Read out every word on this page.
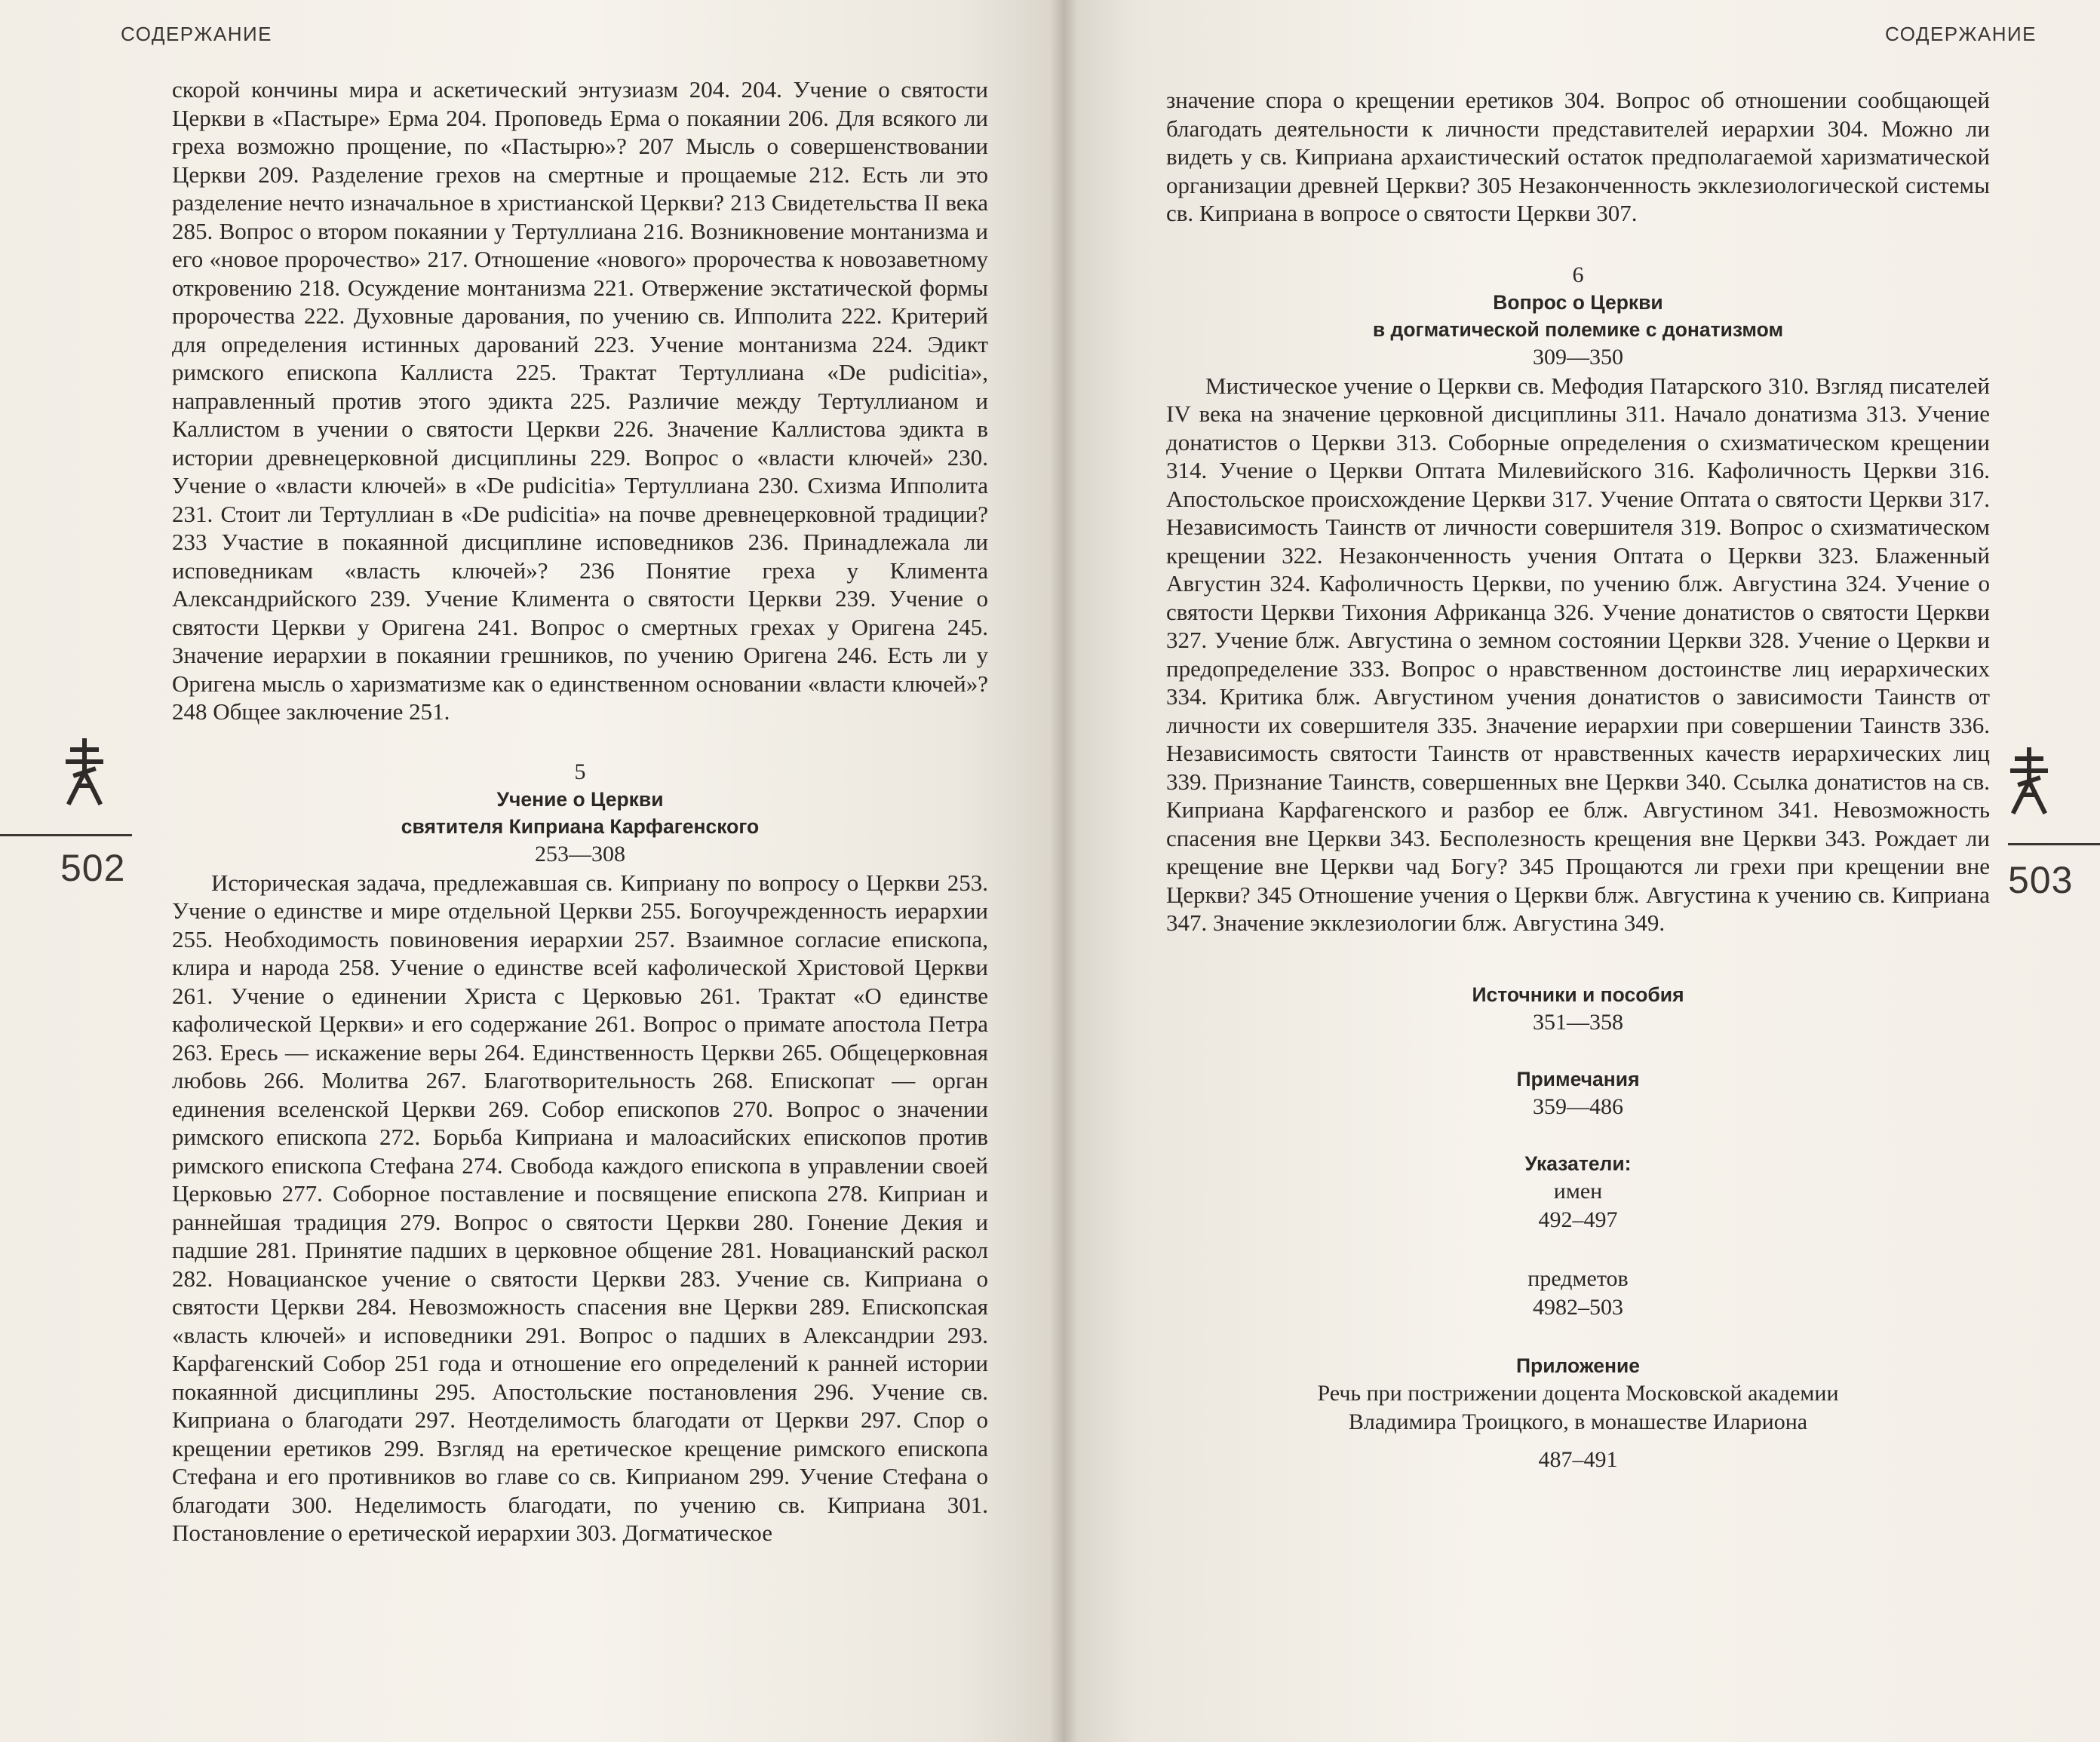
СОДЕРЖАНИЕ

скорой кончины мира и аскетический энтузиазм 204. 204. Учение о святости Церкви в «Пастыре» Ерма 204. Проповедь Ерма о покаянии 206. Для всякого ли греха возможно прощение, по «Пастырю»? 207 Мысль о совершенствовании Церкви 209. Разделение грехов на смертные и прощаемые 212. Есть ли это разделение нечто изначальное в христианской Церкви? 213 Свидетельства II века 285. Вопрос о втором покаянии у Тертуллиана 216. Возникновение монтанизма и его «новое пророчество» 217. Отношение «нового» пророчества к новозаветному откровению 218. Осуждение монтанизма 221. Отвержение экстатической формы пророчества 222. Духовные дарования, по учению св. Ипполита 222. Критерий для определения истинных дарований 223. Учение монтанизма 224. Эдикт римского епископа Каллиста 225. Трактат Тертуллиана «De pudicitia», направленный против этого эдикта 225. Различие между Тертуллианом и Каллистом в учении о святости Церкви 226. Значение Каллистова эдикта в истории древнецерковной дисциплины 229. Вопрос о «власти ключей» 230. Учение о «власти ключей» в «De pudicitia» Тертуллиана 230. Схизма Ипполита 231. Стоит ли Тертуллиан в «De pudicitia» на почве древнецерковной традиции? 233 Участие в покаянной дисциплине исповедников 236. Принадлежала ли исповедникам «власть ключей»? 236 Понятие греха у Климента Александрийского 239. Учение Климента о святости Церкви 239. Учение о святости Церкви у Оригена 241. Вопрос о смертных грехах у Оригена 245. Значение иерархии в покаянии грешников, по учению Оригена 246. Есть ли у Оригена мысль о харизматизме как о единственном основании «власти ключей»? 248 Общее заключение 251.

5
Учение о Церкви
святителя Киприана Карфагенского
253—308

Историческая задача, предлежавшая св. Киприану по вопросу о Церкви 253. Учение о единстве и мире отдельной Церкви 255. Богоучрежденность иерархии 255. Необходимость повиновения иерархии 257. Взаимное согласие епископа, клира и народа 258. Учение о единстве всей кафолической Христовой Церкви 261. Учение о единении Христа с Церковью 261. Трактат «О единстве кафолической Церкви» и его содержание 261. Вопрос о примате апостола Петра 263. Ересь — искажение веры 264. Единственность Церкви 265. Общецерковная любовь 266. Молитва 267. Благотворительность 268. Епископат — орган единения вселенской Церкви 269. Собор епископов 270. Вопрос о значении римского епископа 272. Борьба Киприана и малоасийских епископов против римского епископа Стефана 274. Свобода каждого епископа в управлении своей Церковью 277. Соборное поставление и посвящение епископа 278. Киприан и раннейшая традиция 279. Вопрос о святости Церкви 280. Гонение Декия и падшие 281. Принятие падших в церковное общение 281. Новацианский раскол 282. Новацианское учение о святости Церкви 283. Учение св. Киприана о святости Церкви 284. Невозможность спасения вне Церкви 289. Епископская «власть ключей» и исповедники 291. Вопрос о падших в Александрии 293. Карфагенский Собор 251 года и отношение его определений к ранней истории покаянной дисциплины 295. Апостольские постановления 296. Учение св. Киприана о благодати 297. Неотделимость благодати от Церкви 297. Спор о крещении еретиков 299. Взгляд на еретическое крещение римского епископа Стефана и его противников во главе со св. Киприаном 299. Учение Стефана о благодати 300. Неделимость благодати, по учению св. Киприана 301. Постановление о еретической иерархии 303. Догматическое

502
СОДЕРЖАНИЕ

значение спора о крещении еретиков 304. Вопрос об отношении сообщающей благодать деятельности к личности представителей иерархии 304. Можно ли видеть у св. Киприана архаистический остаток предполагаемой харизматической организации древней Церкви? 305 Незаконченность экклезиологической системы св. Киприана в вопросе о святости Церкви 307.

6
Вопрос о Церкви
в догматической полемике с донатизмом
309—350

Мистическое учение о Церкви св. Мефодия Патарского 310. Взгляд писателей IV века на значение церковной дисциплины 311. Начало донатизма 313. Учение донатистов о Церкви 313. Соборные определения о схизматическом крещении 314. Учение о Церкви Оптата Милевийского 316. Кафоличность Церкви 316. Апостольское происхождение Церкви 317. Учение Оптата о святости Церкви 317. Независимость Таинств от личности совершителя 319. Вопрос о схизматическом крещении 322. Незаконченность учения Оптата о Церкви 323. Блаженный Августин 324. Кафоличность Церкви, по учению блж. Августина 324. Учение о святости Церкви Тихония Африканца 326. Учение донатистов о святости Церкви 327. Учение блж. Августина о земном состоянии Церкви 328. Учение о Церкви и предопределение 333. Вопрос о нравственном достоинстве лиц иерархических 334. Критика блж. Августином учения донатистов о зависимости Таинств от личности их совершителя 335. Значение иерархии при совершении Таинств 336. Независимость святости Таинств от нравственных качеств иерархических лиц 339. Признание Таинств, совершенных вне Церкви 340. Ссылка донатистов на св. Киприана Карфагенского и разбор ее блж. Августином 341. Невозможность спасения вне Церкви 343. Бесполезность крещения вне Церкви 343. Рождает ли крещение вне Церкви чад Богу? 345 Прощаются ли грехи при крещении вне Церкви? 345 Отношение учения о Церкви блж. Августина к учению св. Киприана 347. Значение экклезиологии блж. Августина 349.

Источники и пособия
351—358
Примечания
359—486
Указатели:
имен
492–497
предметов
4982–503
Приложение
Речь при пострижении доцента Московской академии
Владимира Троицкого, в монашестве Илариона
487–491
503
